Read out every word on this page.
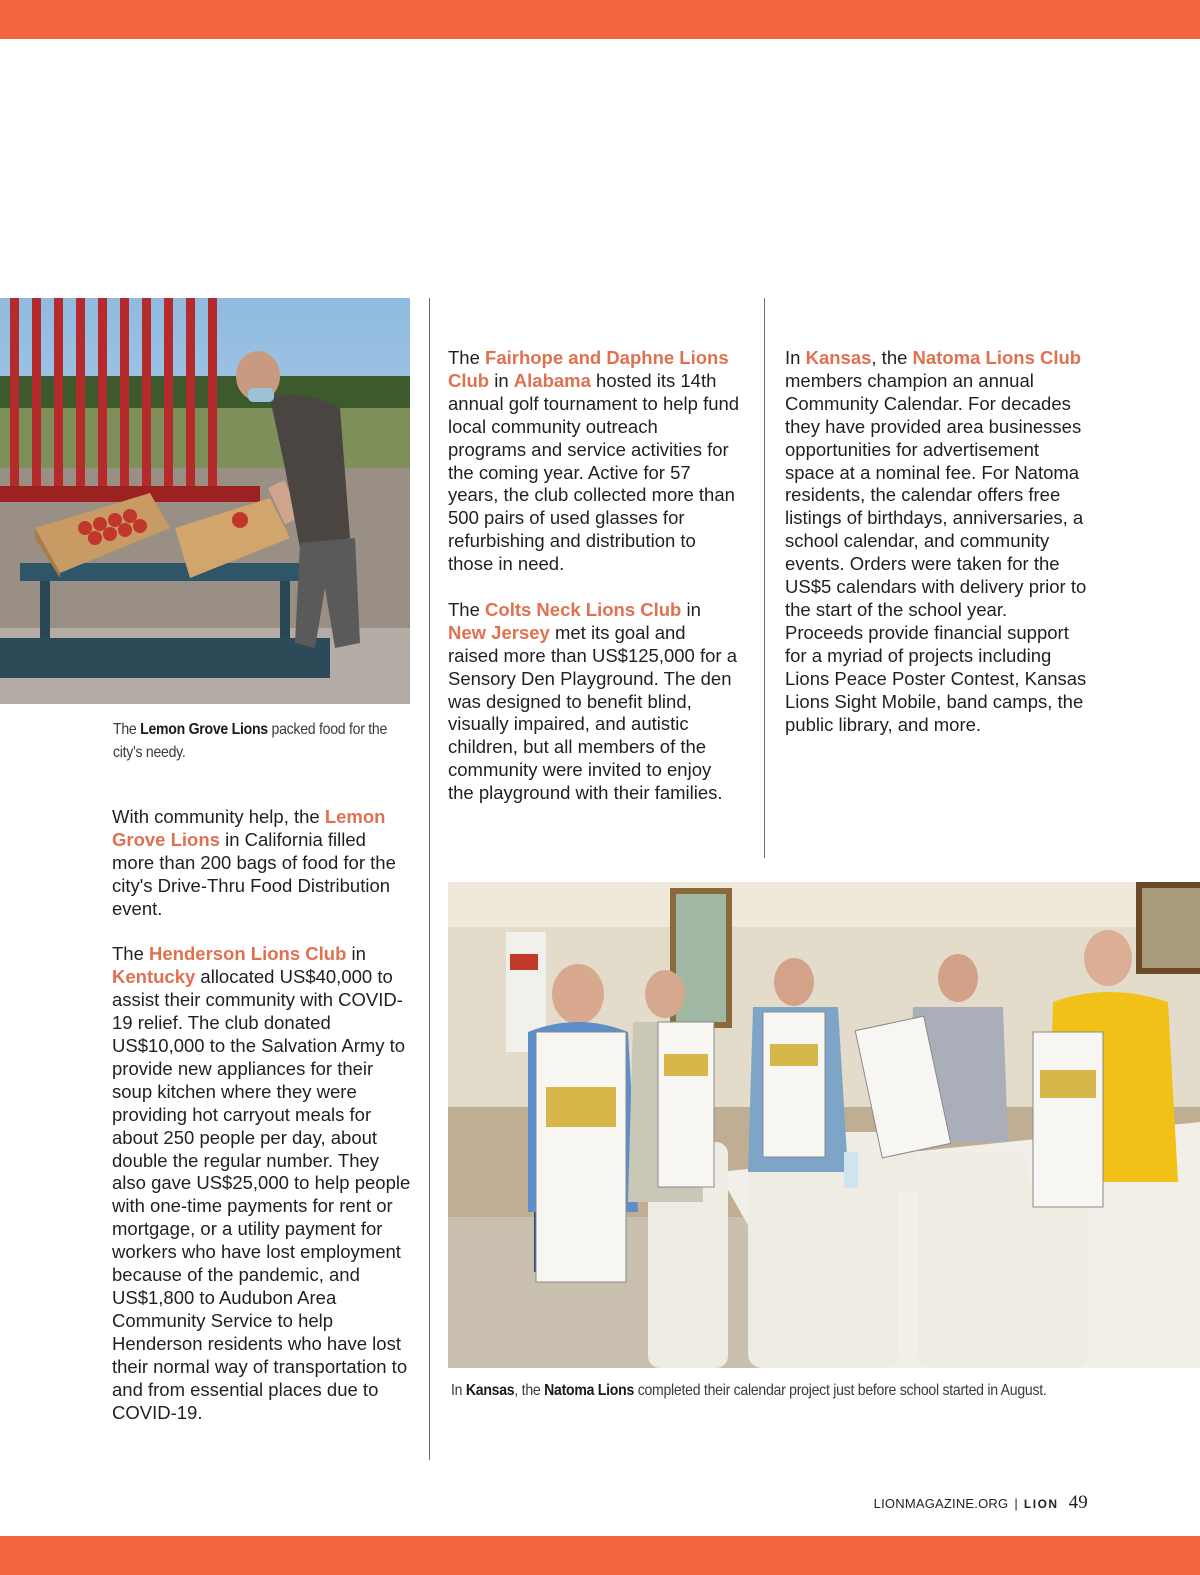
The Lemon Grove Lions packed food for the city's needy.

With community help, the Lemon Grove Lions in California filled more than 200 bags of food for the city's Drive-Thru Food Distribution event.

The Henderson Lions Club in Kentucky allocated US$40,000 to assist their community with COVID-19 relief. The club donated US$10,000 to the Salvation Army to provide new appliances for their soup kitchen where they were providing hot carryout meals for about 250 people per day, about double the regular number. They also gave US$25,000 to help people with one-time payments for rent or mortgage, or a utility payment for workers who have lost employment because of the pandemic, and US$1,800 to Audubon Area Community Service to help Henderson residents who have lost their normal way of transportation to and from essential places due to COVID-19.

The Fairhope and Daphne Lions Club in Alabama hosted its 14th annual golf tournament to help fund local community outreach programs and service activities for the coming year. Active for 57 years, the club collected more than 500 pairs of used glasses for refurbishing and distribution to those in need.

The Colts Neck Lions Club in New Jersey met its goal and raised more than US$125,000 for a Sensory Den Playground. The den was designed to benefit blind, visually impaired, and autistic children, but all members of the community were invited to enjoy the playground with their families.

In Kansas, the Natoma Lions Club members champion an annual Community Calendar. For decades they have provided area businesses opportunities for advertisement space at a nominal fee. For Natoma residents, the calendar offers free listings of birthdays, anniversaries, a school calendar, and community events. Orders were taken for the US$5 calendars with delivery prior to the start of the school year. Proceeds provide financial support for a myriad of projects including Lions Peace Poster Contest, Kansas Lions Sight Mobile, band camps, the public library, and more.

In Kansas, the Natoma Lions completed their calendar project just before school started in August.
LIONMAGAZINE.ORG | LION 49
